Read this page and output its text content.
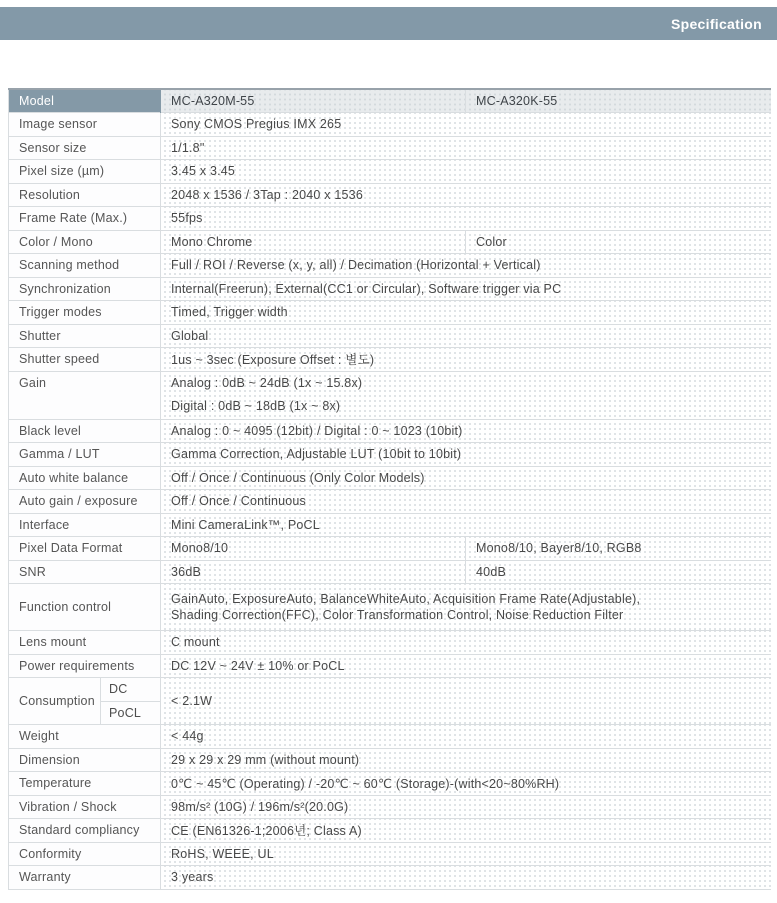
Specification
Model		MC-A320M-55	MC-A320K-55
Image sensor		Sony CMOS Pregius IMX 265	
Sensor size		1/1.8"	
Pixel size (µm)		3.45 x 3.45	
Resolution		2048 x 1536 / 3Tap : 2040 x 1536	
Frame Rate (Max.)		55fps	
Color / Mono		Mono Chrome	Color
Scanning method		Full / ROI / Reverse (x, y, all) / Decimation (Horizontal + Vertical)	
Synchronization		Internal(Freerun), External(CC1 or Circular), Software trigger via PC	
Trigger modes		Timed, Trigger width	
Shutter		Global	
Shutter speed		1us ~ 3sec (Exposure Offset : 별도)	
Gain		Analog : 0dB ~ 24dB (1x ~ 15.8x)
Digital : 0dB ~ 18dB (1x ~ 8x)	

Black level		Analog : 0 ~ 4095 (12bit) / Digital : 0 ~ 1023 (10bit)	
Gamma / LUT		Gamma Correction, Adjustable LUT (10bit to 10bit)	
Auto white balance		Off / Once / Continuous (Only Color Models)	
Auto gain / exposure		Off / Once / Continuous	
Interface		Mini CameraLink™, PoCL	
Pixel Data Format		Mono8/10	Mono8/10, Bayer8/10, RGB8
SNR		36dB	40dB
Function control		GainAuto, ExposureAuto, BalanceWhiteAuto, Acquisition Frame Rate(Adjustable),
Shading Correction(FFC), Color Transformation Control, Noise Reduction Filter	

Lens mount		C mount	
Power requirements		DC 12V ~ 24V ± 10% or PoCL	
Consumption	DC	< 2.1W	
	PoCL		
Weight		< 44g	
Dimension		29 x 29 x 29 mm (without mount)	
Temperature		0℃ ~ 45℃ (Operating) / -20℃ ~ 60℃ (Storage)-(with<20~80%RH)	
Vibration / Shock		98m/s² (10G) / 196m/s²(20.0G)	
Standard compliancy		CE (EN61326-1;2006년; Class A)	
Conformity		RoHS, WEEE, UL	
Warranty		3 years	
